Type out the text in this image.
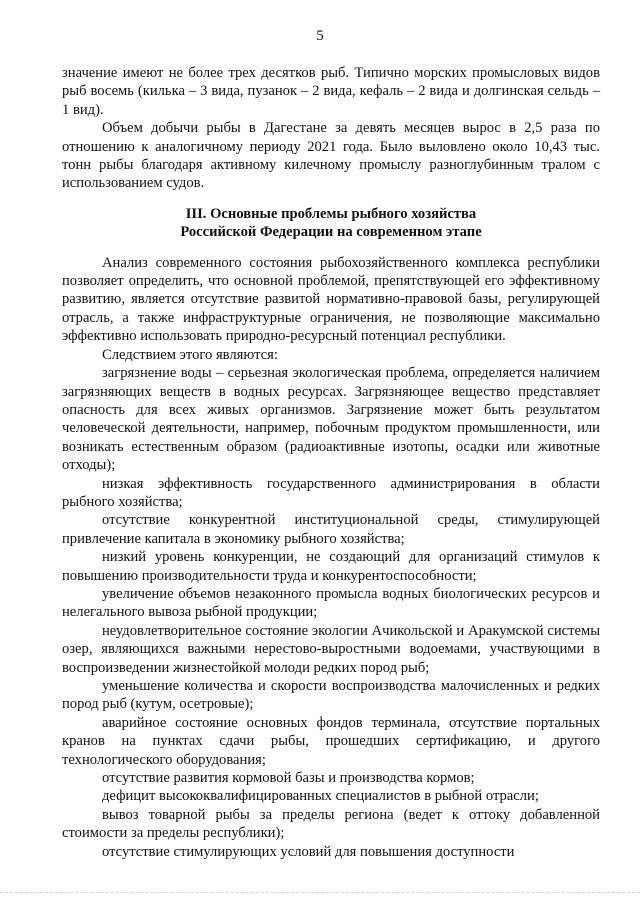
5

значение имеют не более трех десятков рыб. Типично морских промысловых видов рыб восемь (килька – 3 вида, пузанок – 2 вида, кефаль – 2 вида и долгинская сельдь – 1 вид).

Объем добычи рыбы в Дагестане за девять месяцев вырос в 2,5 раза по отношению к аналогичному периоду 2021 года. Было выловлено около 10,43 тыс. тонн рыбы благодаря активному килечному промыслу разноглубинным тралом с использованием судов.

III. Основные проблемы рыбного хозяйства
Российской Федерации на современном этапе

Анализ современного состояния рыбохозяйственного комплекса республики позволяет определить, что основной проблемой, препятствующей его эффективному развитию, является отсутствие развитой нормативно-правовой базы, регулирующей отрасль, а также инфраструктурные ограничения, не позволяющие максимально эффективно использовать природно-ресурсный потенциал республики.

Следствием этого являются:

загрязнение воды – серьезная экологическая проблема, определяется наличием загрязняющих веществ в водных ресурсах. Загрязняющее вещество представляет опасность для всех живых организмов. Загрязнение может быть результатом человеческой деятельности, например, побочным продуктом промышленности, или возникать естественным образом (радиоактивные изотопы, осадки или животные отходы);

низкая эффективность государственного администрирования в области рыбного хозяйства;

отсутствие конкурентной институциональной среды, стимулирующей привлечение капитала в экономику рыбного хозяйства;

низкий уровень конкуренции, не создающий для организаций стимулов к повышению производительности труда и конкурентоспособности;

увеличение объемов незаконного промысла водных биологических ресурсов и нелегального вывоза рыбной продукции;

неудовлетворительное состояние экологии Ачикольской и Аракумской системы озер, являющихся важными нерестово-выростными водоемами, участвующими в воспроизведении жизнестойкой молоди редких пород рыб;

уменьшение количества и скорости воспроизводства малочисленных и редких пород рыб (кутум, осетровые);

аварийное состояние основных фондов терминала, отсутствие портальных кранов на пунктах сдачи рыбы, прошедших сертификацию, и другого технологического оборудования;

отсутствие развития кормовой базы и производства кормов;

дефицит высококвалифицированных специалистов в рыбной отрасли;

вывоз товарной рыбы за пределы региона (ведет к оттоку добавленной стоимости за пределы республики);

отсутствие стимулирующих условий для повышения доступности
